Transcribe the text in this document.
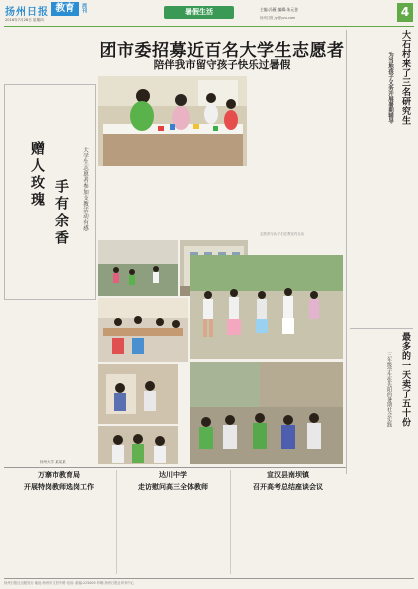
扬州日报 教育	周刊
2016年7月28日 星期四
暑假生活	主编:冯薇 编辑:朱元金
扬州日报 jy@yzu.com	4
团市委招募近百名大学生志愿者
陪伴我市留守孩子快乐过暑假
手有余香
赠人玫瑰	大学生志愿者参加支教活动有感
扬州大学 某某某
志愿者与孩子们在教室内互动
大石村来了三名研究生
为当地孩子义务开展暑期辅导
最多的一天卖了五十份
三年级学生张先阳的暑期社会实践
万寨市教育局
开展特岗教师选岗工作
达川中学
走访慰问高三全体教师
宣汉县南坝镇
召开高考总结座谈会议
扬州日报社出版发行 地址:扬州市文昌中路 电话: 邮编:225009 印刷:扬州日报社印务中心
